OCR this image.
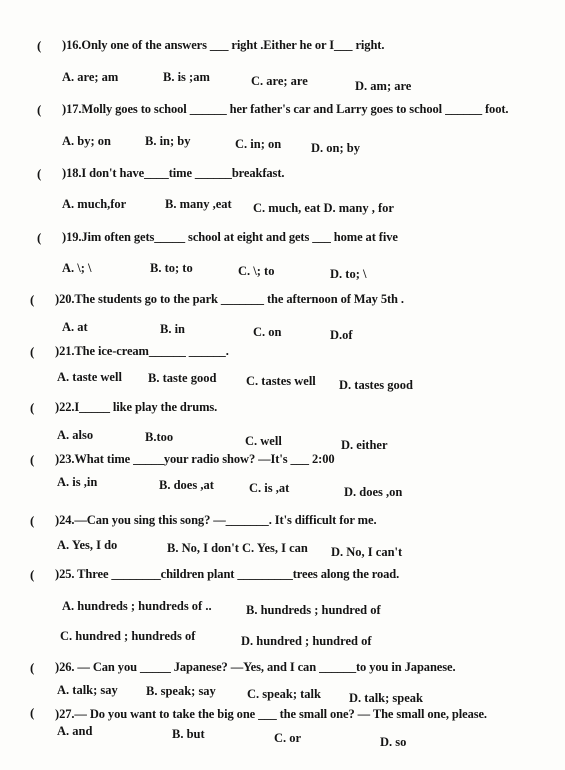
( )16.Only one of the answers ___ right .Either he or I___ right.
A. are; am	B. is ;am	C. are; are	D. am; are
( )17.Molly goes to school ______ her father's car and Larry goes to school ______ foot.
A. by; on	B. in; by	C. in; on D. on; by
( )18.I don't have____time ______breakfast.
A. much,for	B. many ,eat C. much, eat D. many , for
( )19.Jim often gets_____ school at eight and gets ___ home at five
A. \; \	B. to; to	C. \; to	D. to; \
( )20.The students go to the park _______ the afternoon of May 5th .
A. at	B. in	C. on	D.of
( )21.The ice-cream______ ______.
A. taste well B. taste good C. tastes well D. tastes good
( )22.I_____ like play the drums.
A. also	B.too	C. well	D. either
( )23.What time _____your radio show? —It's ___ 2:00
A. is ,in	B. does ,at	C. is ,at	D. does ,on
( )24.—Can you sing this song? —_______. It's difficult for me.
A. Yes, I do	B. No, I don't C. Yes, I can D. No, I can't
( )25. Three ________children plant _________trees along the road.
A. hundreds ; hundreds of ..	B. hundreds ; hundred of
C. hundred ; hundreds of	D. hundred ; hundred of
( )26. — Can you _____ Japanese? —Yes, and I can ______to you in Japanese.
A. talk; say B. speak; say C. speak; talk D. talk; speak
( )27.— Do you want to take the big one ___ the small one? — The small one, please.
A. and	B. but	C. or	D. so
